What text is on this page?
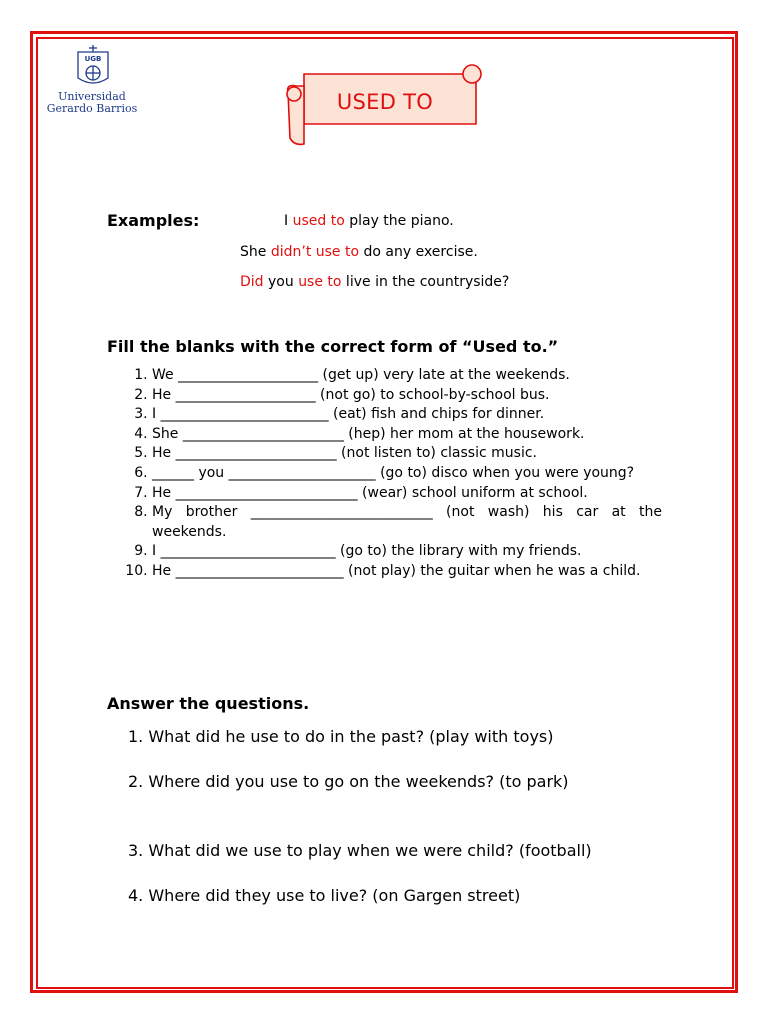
UGB
Universidad
Gerardo Barrios	USED TO
Examples:	I used to play the piano.
She didn’t use to do any exercise.
Did you use to live in the countryside?
Fill the blanks with the correct form of “Used to.”
1. We ____________________ (get up) very late at the weekends.
2. He ____________________ (not go) to school-by-school bus.
3. I ________________________ (eat) fish and chips for dinner.
4. She _______________________ (hep) her mom at the housework.
5. He _______________________ (not listen to) classic music.
6. ______ you _____________________ (go to) disco when you were young?
7. He __________________________ (wear) school uniform at school.
8. My brother __________________________ (not wash) his car at the weekends.
9. I _________________________ (go to) the library with my friends.
10. He ________________________ (not play) the guitar when he was a child.
Answer the questions.
1. What did he use to do in the past? (play with toys)
2. Where did you use to go on the weekends? (to park)
3. What did we use to play when we were child? (football)
4. Where did they use to live? (on Gargen street)
